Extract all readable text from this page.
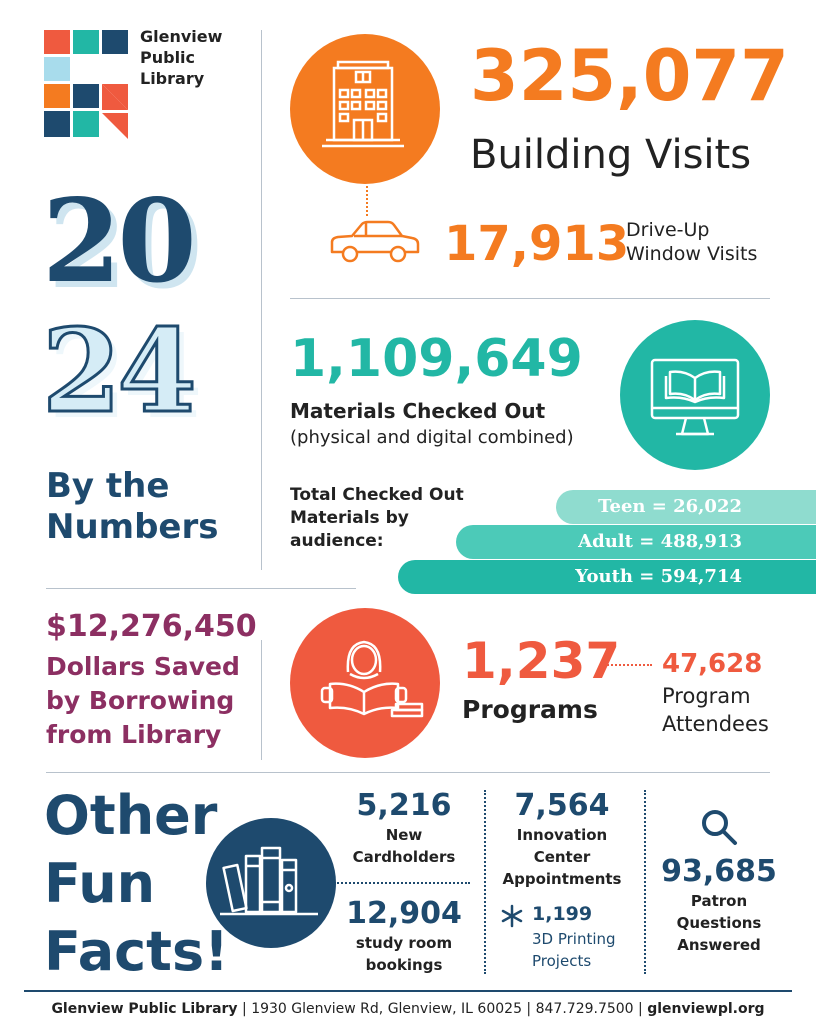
Glenview
Public
Library
20
24
By the
Numbers
325,077
Building Visits
17,913
Drive-Up
Window Visits
1,109,649
Materials Checked Out
(physical and digital combined)
Total Checked Out
Materials by
audience:
Teen = 26,022
Adult = 488,913
Youth = 594,714
$12,276,450
Dollars Saved
by Borrowing
from Library
1,237
Programs
47,628
Program
Attendees
Other
Fun
Facts!
5,216
New
Cardholders
12,904
study room
bookings
7,564
Innovation
Center
Appointments
1,199
3D Printing
Projects
93,685
Patron
Questions
Answered
Glenview Public Library | 1930 Glenview Rd, Glenview, IL 60025 | 847.729.7500 | glenviewpl.org
